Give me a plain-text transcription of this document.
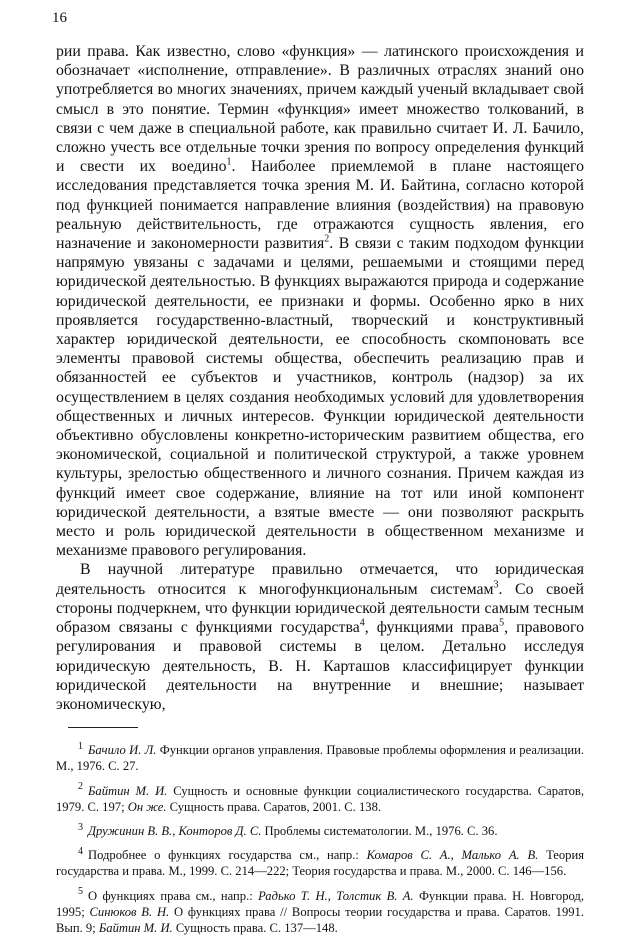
16

рии права. Как известно, слово «функция» — латинского происхождения и обозначает «исполнение, отправление». В различных отраслях знаний оно употребляется во многих значениях, причем каждый ученый вкладывает свой смысл в это понятие. Термин «функция» имеет множество толкований, в связи с чем даже в специальной работе, как правильно считает И. Л. Бачило, сложно учесть все отдельные точки зрения по вопросу определения функций и свести их воедино$^1$. Наиболее приемлемой в плане настоящего исследования представляется точка зрения М. И. Байтина, согласно которой под функцией понимается направление влияния (воздействия) на правовую реальную действительность, где отражаются сущность явления, его назначение и закономерности развития$^2$. В связи с таким подходом функции напрямую увязаны с задачами и целями, решаемыми и стоящими перед юридической деятельностью. В функциях выражаются природа и содержание юридической деятельности, ее признаки и формы. Особенно ярко в них проявляется государственно-властный, творческий и конструктивный характер юридической деятельности, ее способность скомпоновать все элементы правовой системы общества, обеспечить реализацию прав и обязанностей ее субъектов и участников, контроль (надзор) за их осуществлением в целях создания необходимых условий для удовлетворения общественных и личных интересов. Функции юридической деятельности объективно обусловлены конкретно-историческим развитием общества, его экономической, социальной и политической структурой, а также уровнем культуры, зрелостью общественного и личного сознания. Причем каждая из функций имеет свое содержание, влияние на тот или иной компонент юридической деятельности, а взятые вместе — они позволяют раскрыть место и роль юридической деятельности в общественном механизме и механизме правового регулирования.

В научной литературе правильно отмечается, что юридическая деятельность относится к многофункциональным системам$^3$. Со своей стороны подчеркнем, что функции юридической деятельности самым тесным образом связаны с функциями государства$^4$, функциями права$^5$, правового регулирования и правовой системы в целом. Детально исследуя юридическую деятельность, В. Н. Карташов классифицирует функции юридической деятельности на внутренние и внешние; называет экономическую,

$^1$ Бачило И. Л. Функции органов управления. Правовые проблемы оформления и реализации. М., 1976. С. 27.

$^2$ Байтин М. И. Сущность и основные функции социалистического государства. Саратов, 1979. С. 197; Он же. Сущность права. Саратов, 2001. С. 138.

$^3$ Дружинин В. В., Конторов Д. С. Проблемы систематологии. М., 1976. С. 36.

$^4$ Подробнее о функциях государства см., напр.: Комаров С. А., Малько А. В. Теория государства и права. М., 1999. С. 214—222; Теория государства и права. М., 2000. С. 146—156.

$^5$ О функциях права см., напр.: Радько Т. Н., Толстик В. А. Функции права. Н. Новгород, 1995; Синюков В. Н. О функциях права // Вопросы теории государства и права. Саратов. 1991. Вып. 9; Байтин М. И. Сущность права. С. 137—148.
